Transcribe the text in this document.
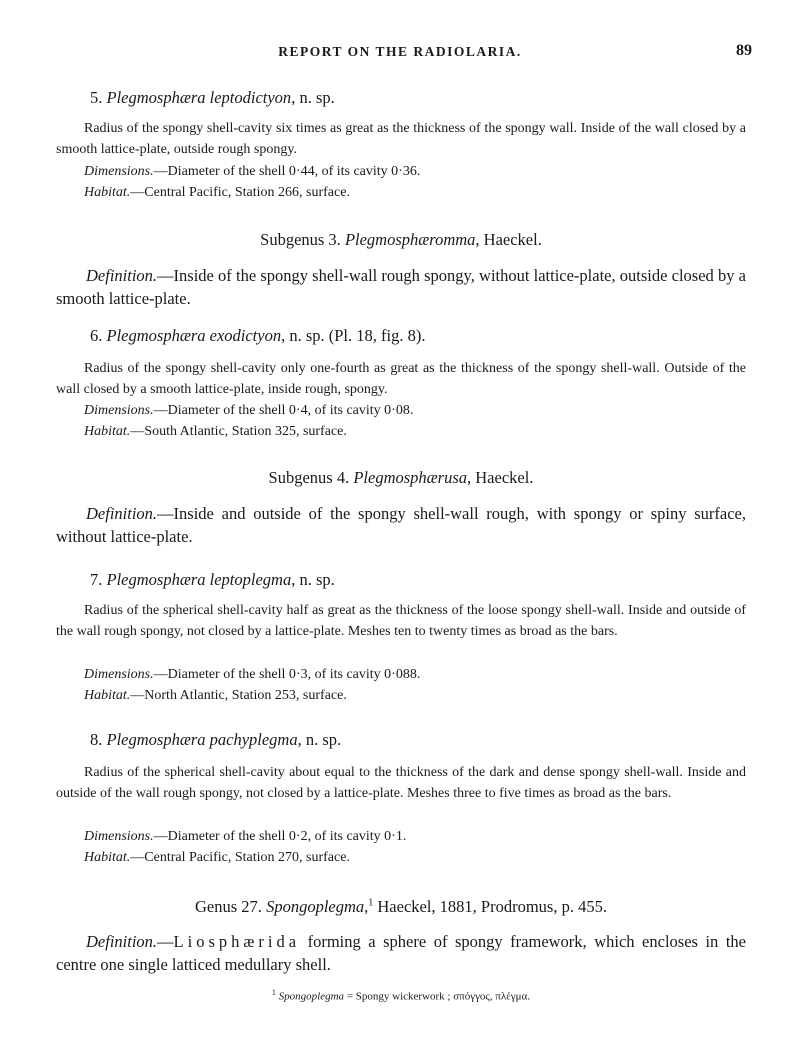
REPORT ON THE RADIOLARIA.	89
5. Plegmosphæra leptodictyon, n. sp.
Radius of the spongy shell-cavity six times as great as the thickness of the spongy wall. Inside of the wall closed by a smooth lattice-plate, outside rough spongy.
Dimensions.—Diameter of the shell 0·44, of its cavity 0·36.
Habitat.—Central Pacific, Station 266, surface.
Subgenus 3. Plegmosphæromma, Haeckel.
Definition.—Inside of the spongy shell-wall rough spongy, without lattice-plate, outside closed by a smooth lattice-plate.
6. Plegmosphæra exodictyon, n. sp. (Pl. 18, fig. 8).
Radius of the spongy shell-cavity only one-fourth as great as the thickness of the spongy shell-wall. Outside of the wall closed by a smooth lattice-plate, inside rough, spongy.
Dimensions.—Diameter of the shell 0·4, of its cavity 0·08.
Habitat.—South Atlantic, Station 325, surface.
Subgenus 4. Plegmosphærusa, Haeckel.
Definition.—Inside and outside of the spongy shell-wall rough, with spongy or spiny surface, without lattice-plate.
7. Plegmosphæra leptoplegma, n. sp.
Radius of the spherical shell-cavity half as great as the thickness of the loose spongy shell-wall. Inside and outside of the wall rough spongy, not closed by a lattice-plate. Meshes ten to twenty times as broad as the bars.
Dimensions.—Diameter of the shell 0·3, of its cavity 0·088.
Habitat.—North Atlantic, Station 253, surface.
8. Plegmosphæra pachyplegma, n. sp.
Radius of the spherical shell-cavity about equal to the thickness of the dark and dense spongy shell-wall. Inside and outside of the wall rough spongy, not closed by a lattice-plate. Meshes three to five times as broad as the bars.
Dimensions.—Diameter of the shell 0·2, of its cavity 0·1.
Habitat.—Central Pacific, Station 270, surface.
Genus 27. Spongoplegma,$^1$ Haeckel, 1881, Prodromus, p. 455.
Definition.—Liosphærida forming a sphere of spongy framework, which encloses in the centre one single latticed medullary shell.
$^1$ Spongoplegma = Spongy wickerwork ; σπόγγος, πλέγμα.
